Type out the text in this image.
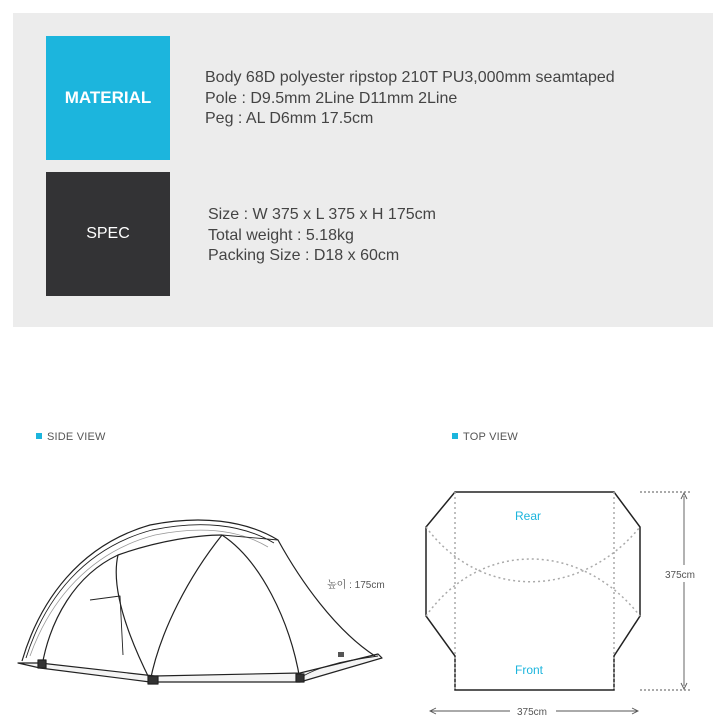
MATERIAL
Body 68D polyester ripstop 210T PU3,000mm seamtaped
Pole : D9.5mm 2Line D11mm 2Line
Peg : AL D6mm 17.5cm
SPEC
Size : W 375 x L 375 x H 175cm
Total weight : 5.18kg
Packing Size : D18 x 60cm
SIDE VIEW	TOP VIEW
높이 : 175cm
Rear
Front
375cm
375cm
